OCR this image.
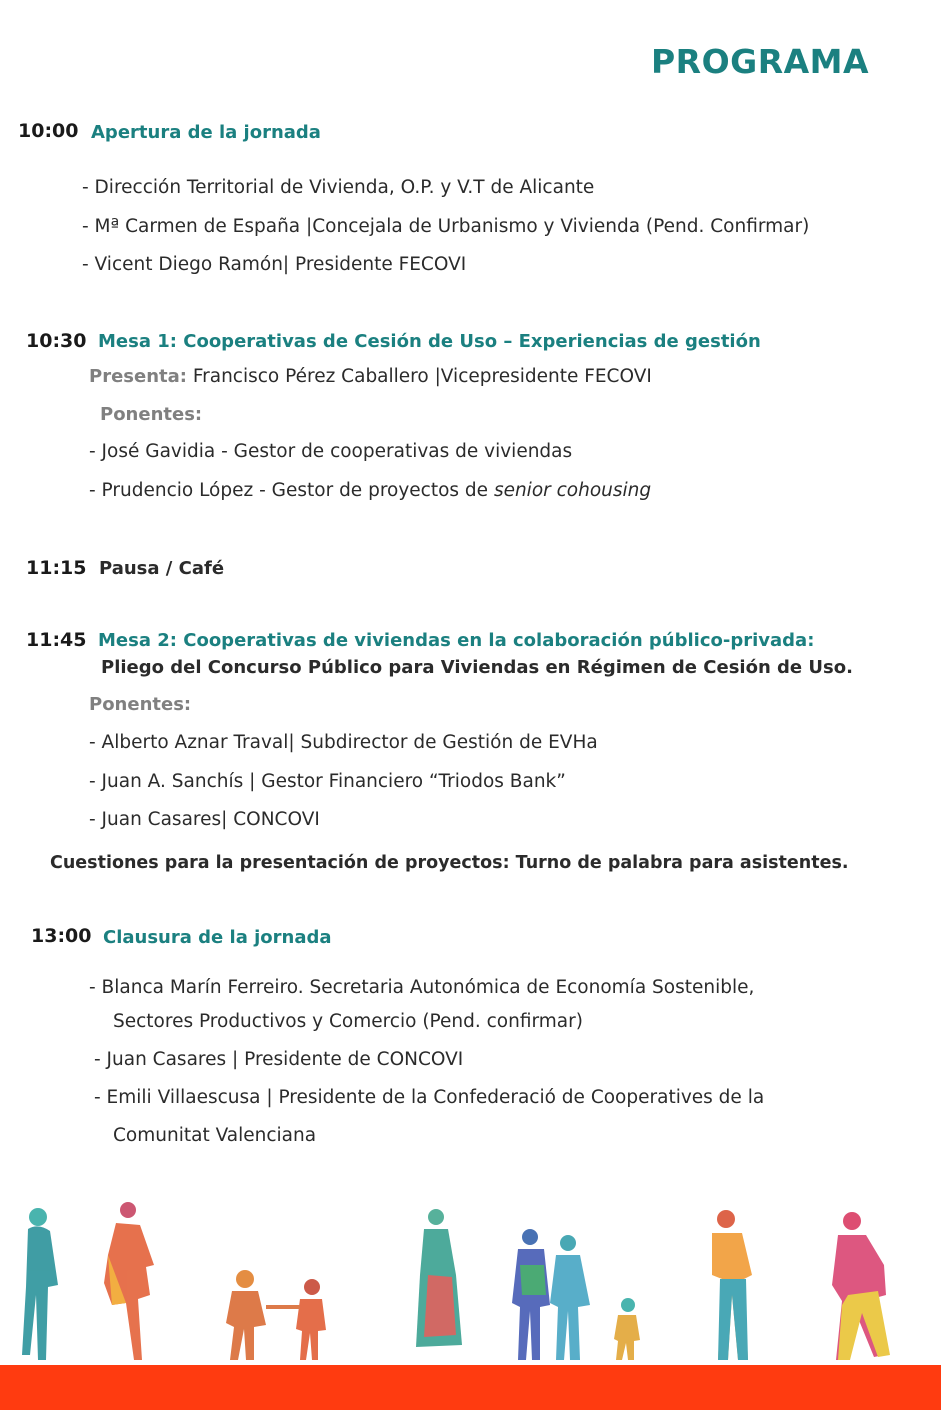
PROGRAMA
10:00 Apertura de la jornada
- Dirección Territorial de Vivienda, O.P. y V.T de Alicante
- Mª Carmen de España |Concejala de Urbanismo y Vivienda (Pend. Confirmar)
- Vicent Diego Ramón| Presidente FECOVI
10:30 Mesa 1: Cooperativas de Cesión de Uso – Experiencias de gestión
Presenta: Francisco Pérez Caballero |Vicepresidente FECOVI
Ponentes:
- José Gavidia - Gestor de cooperativas de viviendas
- Prudencio López - Gestor de proyectos de senior cohousing
11:15 Pausa / Café
11:45 Mesa 2: Cooperativas de viviendas en la colaboración público-privada:
Pliego del Concurso Público para Viviendas en Régimen de Cesión de Uso.
Ponentes:
- Alberto Aznar Traval| Subdirector de Gestión de EVHa
- Juan A. Sanchís | Gestor Financiero “Triodos Bank”
- Juan Casares| CONCOVI
Cuestiones para la presentación de proyectos: Turno de palabra para asistentes.
13:00 Clausura de la jornada
- Blanca Marín Ferreiro. Secretaria Autonómica de Economía Sostenible,
Sectores Productivos y Comercio (Pend. confirmar)
- Juan Casares | Presidente de CONCOVI
- Emili Villaescusa | Presidente de la Confederació de Cooperatives de la
Comunitat Valenciana
